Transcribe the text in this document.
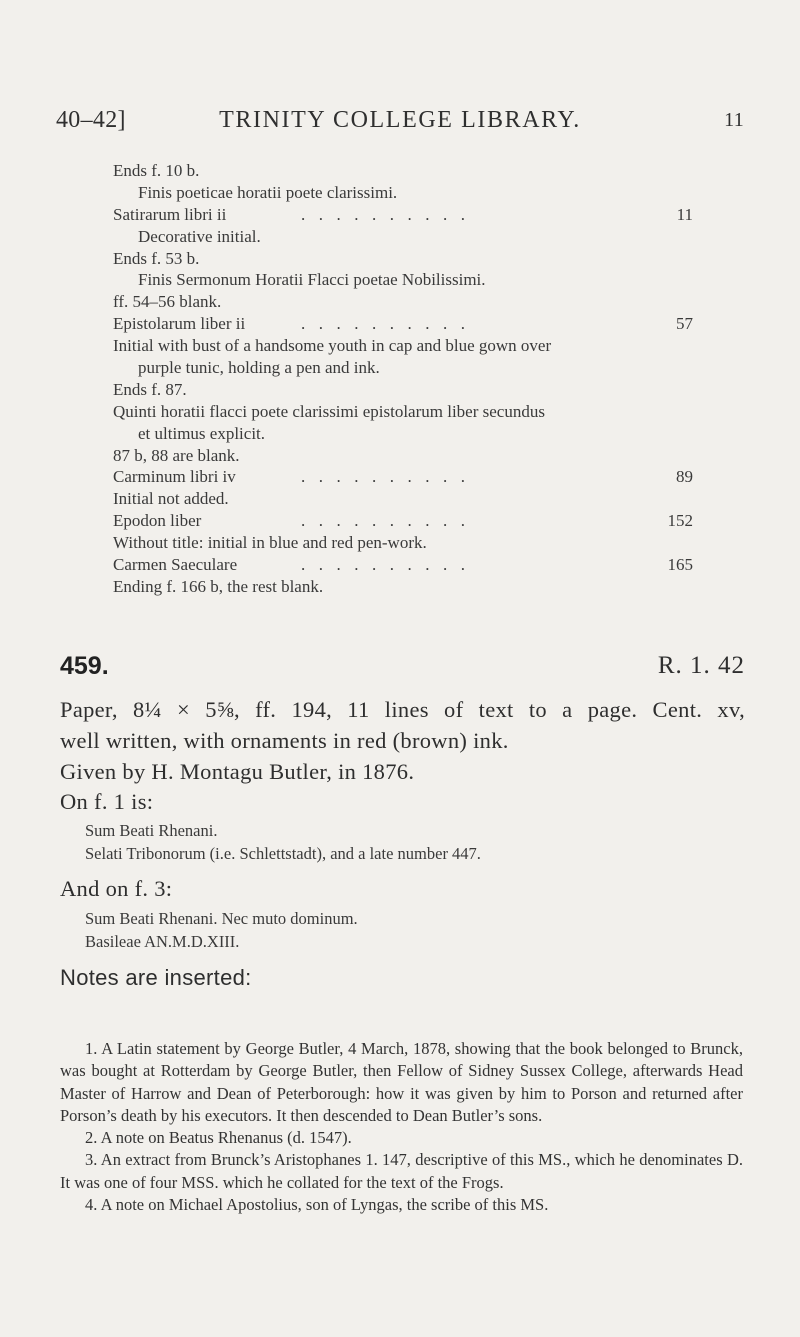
40–42]	TRINITY COLLEGE LIBRARY.	11
Ends f. 10 b.
Finis poeticae horatii poete clarissimi.
Satirarum libri ii	..........	11
Decorative initial.
Ends f. 53 b.
Finis Sermonum Horatii Flacci poetae Nobilissimi.
ff. 54–56 blank.
Epistolarum liber ii	..........	57
Initial with bust of a handsome youth in cap and blue gown over
purple tunic, holding a pen and ink.
Ends f. 87.
Quinti horatii flacci poete clarissimi epistolarum liber secundus
et ultimus explicit.
87 b, 88 are blank.
Carminum libri iv	..........	89
Initial not added.
Epodon liber	..........	152
Without title: initial in blue and red pen-work.
Carmen Saeculare	..........	165
Ending f. 166 b, the rest blank.
459.	R. 1. 42
Paper, 8¼ × 5⅝, ff. 194, 11 lines of text to a page. Cent. xv,
well written, with ornaments in red (brown) ink.
Given by H. Montagu Butler, in 1876.
On f. 1 is:
Sum Beati Rhenani.
Selati Tribonorum (i.e. Schlettstadt), and a late number 447.
And on f. 3:
Sum Beati Rhenani. Nec muto dominum.
Basileae AN.M.D.XIII.
Notes are inserted:

1. A Latin statement by George Butler, 4 March, 1878, showing that the book belonged to Brunck, was bought at Rotterdam by George Butler, then Fellow of Sidney Sussex College, afterwards Head Master of Harrow and Dean of Peterborough: how it was given by him to Porson and returned after Porson’s death by his executors. It then descended to Dean Butler’s sons.

2. A note on Beatus Rhenanus (d. 1547).

3. An extract from Brunck’s Aristophanes 1. 147, descriptive of this MS., which he denominates D. It was one of four MSS. which he collated for the text of the Frogs.

4. A note on Michael Apostolius, son of Lyngas, the scribe of this MS.
